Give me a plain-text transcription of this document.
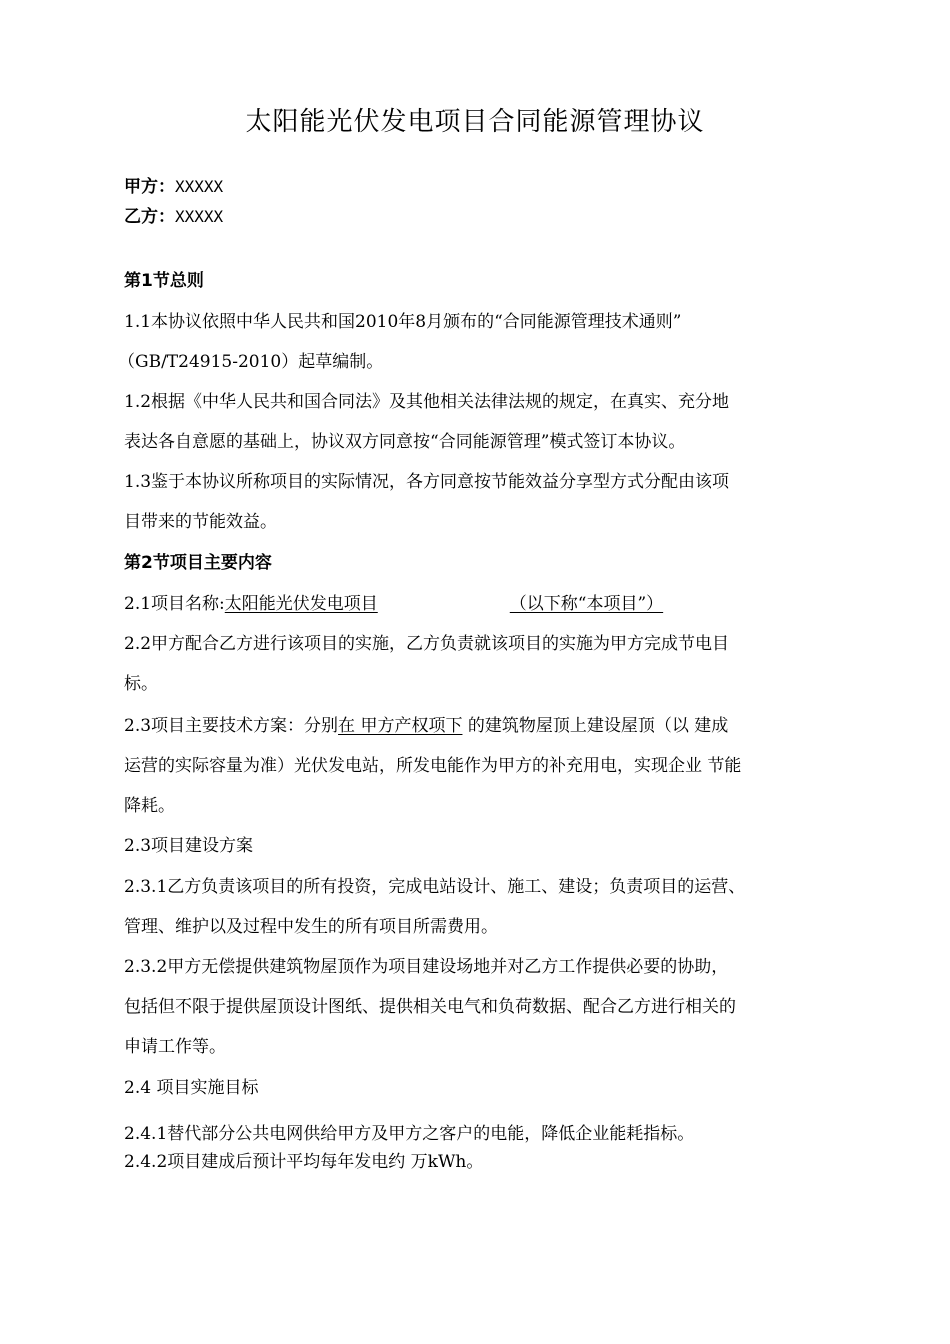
太阳能光伏发电项目合同能源管理协议
甲方：XXXXX
乙方：XXXXX
第1节总则
1.1本协议依照中华人民共和国2010年8月颁布的“合同能源管理技术通则”
（GB/T24915-2010）起草编制。
1.2根据《中华人民共和国合同法》及其他相关法律法规的规定，在真实、充分地
表达各自意愿的基础上，协议双方同意按“合同能源管理”模式签订本协议。
1.3鉴于本协议所称项目的实际情况，各方同意按节能效益分享型方式分配由该项
目带来的节能效益。
第2节项目主要内容
2.1项目名称:太阳能光伏发电项目	（以下称“本项目”）
2.2甲方配合乙方进行该项目的实施，乙方负责就该项目的实施为甲方完成节电目
标。
2.3项目主要技术方案：分别在 甲方产权项下 的建筑物屋顶上建设屋顶（以 建成
运营的实际容量为准）光伏发电站，所发电能作为甲方的补充用电，实现企业 节能
降耗。
2.3项目建设方案
2.3.1乙方负责该项目的所有投资，完成电站设计、施工、建设；负责项目的运营、
管理、维护以及过程中发生的所有项目所需费用。
2.3.2甲方无偿提供建筑物屋顶作为项目建设场地并对乙方工作提供必要的协助，
包括但不限于提供屋顶设计图纸、提供相关电气和负荷数据、配合乙方进行相关的
申请工作等。
2.4 项目实施目标
2.4.1替代部分公共电网供给甲方及甲方之客户的电能，降低企业能耗指标。
2.4.2项目建成后预计平均每年发电约 万kWh。
